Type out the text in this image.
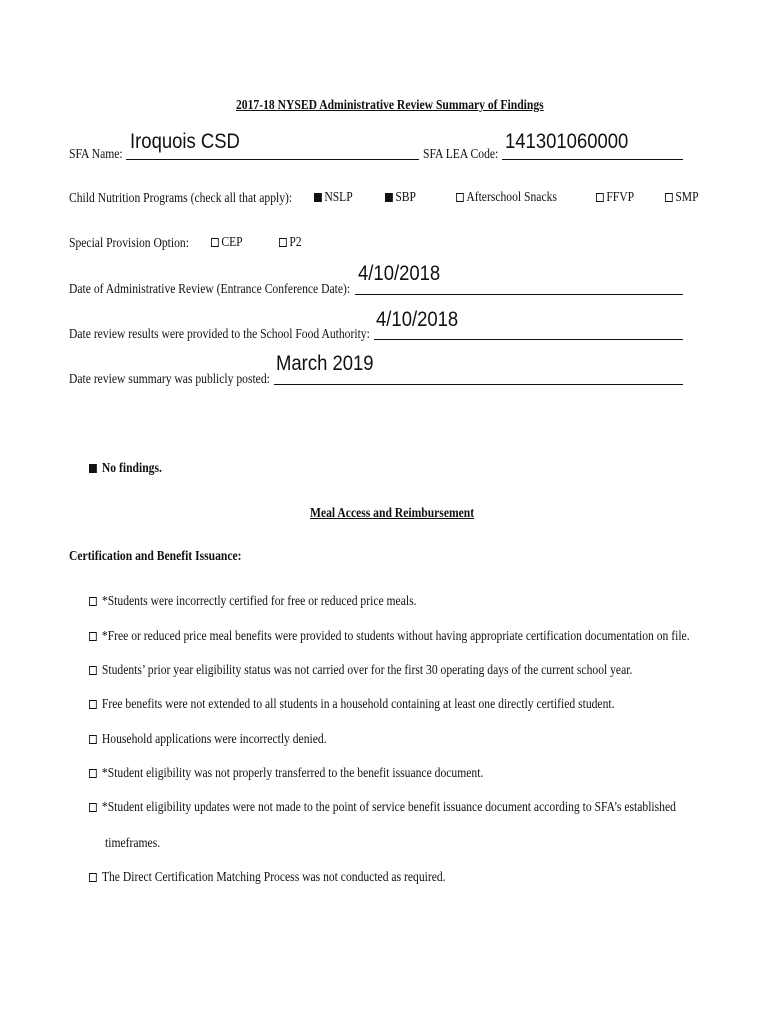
2017-18 NYSED Administrative Review Summary of Findings
SFA Name:
Iroquois CSD
SFA LEA Code:
141301060000
Child Nutrition Programs (check all that apply): NSLP	SBP	Afterschool Snacks	FFVP	SMP
Special Provision Option: CEP	P2
Date of Administrative Review (Entrance Conference Date):
4/10/2018
Date review results were provided to the School Food Authority:
4/10/2018
Date review summary was publicly posted:
March 2019
No findings.
Meal Access and Reimbursement
Certification and Benefit Issuance:
*Students were incorrectly certified for free or reduced price meals.
*Free or reduced price meal benefits were provided to students without having appropriate certification documentation on file.
Students’ prior year eligibility status was not carried over for the first 30 operating days of the current school year.
Free benefits were not extended to all students in a household containing at least one directly certified student.
Household applications were incorrectly denied.
*Student eligibility was not properly transferred to the benefit issuance document.
*Student eligibility updates were not made to the point of service benefit issuance document according to SFA’s established
timeframes.
The Direct Certification Matching Process was not conducted as required.
